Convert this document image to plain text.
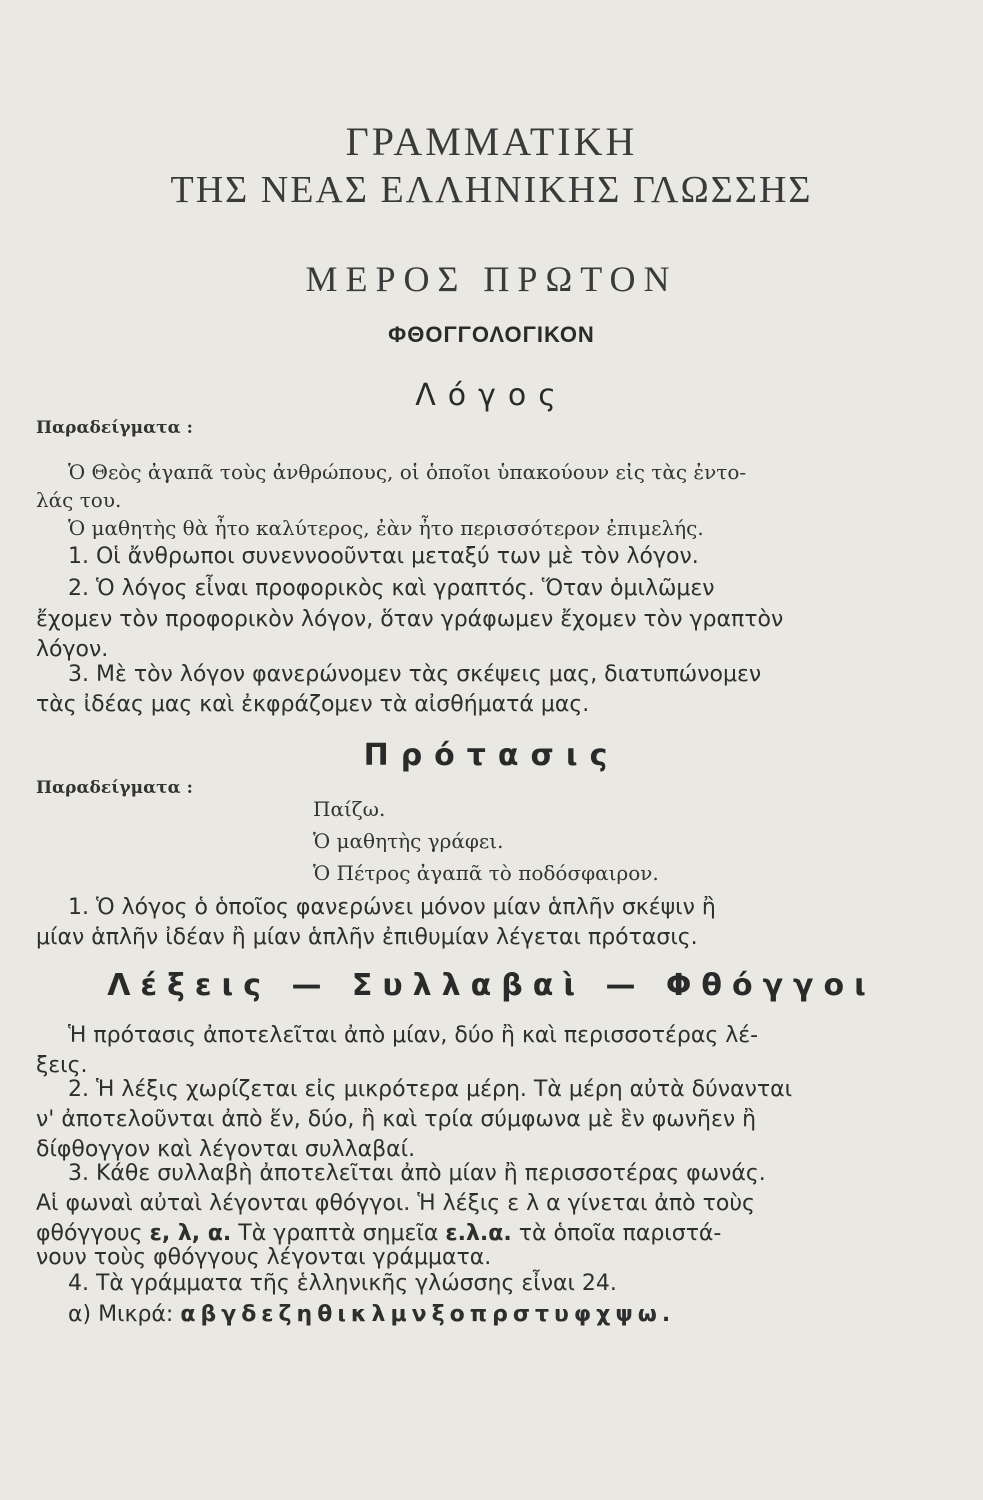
ΓΡΑΜΜΑΤΙΚΗ
ΤΗΣ ΝΕΑΣ ΕΛΛΗΝΙΚΗΣ ΓΛΩΣΣΗΣ
ΜΕΡΟΣ ΠΡΩΤΟΝ
ΦΘΟΓΓΟΛΟΓΙΚΟΝ
Λόγος
Παραδείγματα :
Ὁ Θεὸς ἀγαπᾶ τοὺς ἀνθρώπους, οἱ ὁποῖοι ὑπακούουν εἰς τὰς ἐντο-
λάς του.
Ὁ μαθητὴς θὰ ἦτο καλύτερος, ἐὰν ἦτο περισσότερον ἐπιμελής.
1. Οἱ ἄνθρωποι συνεννοοῦνται μεταξύ των μὲ τὸν λόγον.
2. Ὁ λόγος εἶναι προφορικὸς καὶ γραπτός. Ὅταν ὁμιλῶμεν
ἔχομεν τὸν προφορικὸν λόγον, ὅταν γράφωμεν ἔχομεν τὸν γραπτὸν
λόγον.
3. Μὲ τὸν λόγον φανερώνομεν τὰς σκέψεις μας, διατυπώνομεν
τὰς ἰδέας μας καὶ ἐκφράζομεν τὰ αἰσθήματά μας.
Πρότασις
Παραδείγματα :
Παίζω.
Ὁ μαθητὴς γράφει.
Ὁ Πέτρος ἀγαπᾶ τὸ ποδόσφαιρον.
1. Ὁ λόγος ὁ ὁποῖος φανερώνει μόνον μίαν ἁπλῆν σκέψιν ἢ
μίαν ἁπλῆν ἰδέαν ἢ μίαν ἁπλῆν ἐπιθυμίαν λέγεται πρότασις.
Λέξεις — Συλλαβαὶ — Φθόγγοι
Ἡ πρότασις ἀποτελεῖται ἀπὸ μίαν, δύο ἢ καὶ περισσοτέρας λέ-
ξεις.
2. Ἡ λέξις χωρίζεται εἰς μικρότερα μέρη. Τὰ μέρη αὐτὰ δύνανται
ν' ἀποτελοῦνται ἀπὸ ἕν, δύο, ἢ καὶ τρία σύμφωνα μὲ ἓν φωνῆεν ἢ
δίφθογγον καὶ λέγονται συλλαβαί.
3. Κάθε συλλαβὴ ἀποτελεῖται ἀπὸ μίαν ἢ περισσοτέρας φωνάς.
Αἱ φωναὶ αὐταὶ λέγονται φθόγγοι. Ἡ λέξις ε λ α γίνεται ἀπὸ τοὺς
φθόγγους ε, λ, α. Τὰ γραπτὰ σημεῖα ε.λ.α. τὰ ὁποῖα παριστά-
νουν τοὺς φθόγγους λέγονται γράμματα.
4. Τὰ γράμματα τῆς ἑλληνικῆς γλώσσης εἶναι 24.
α) Μικρά: αβγδεζηθικλμνξοπρστυφχψω.
